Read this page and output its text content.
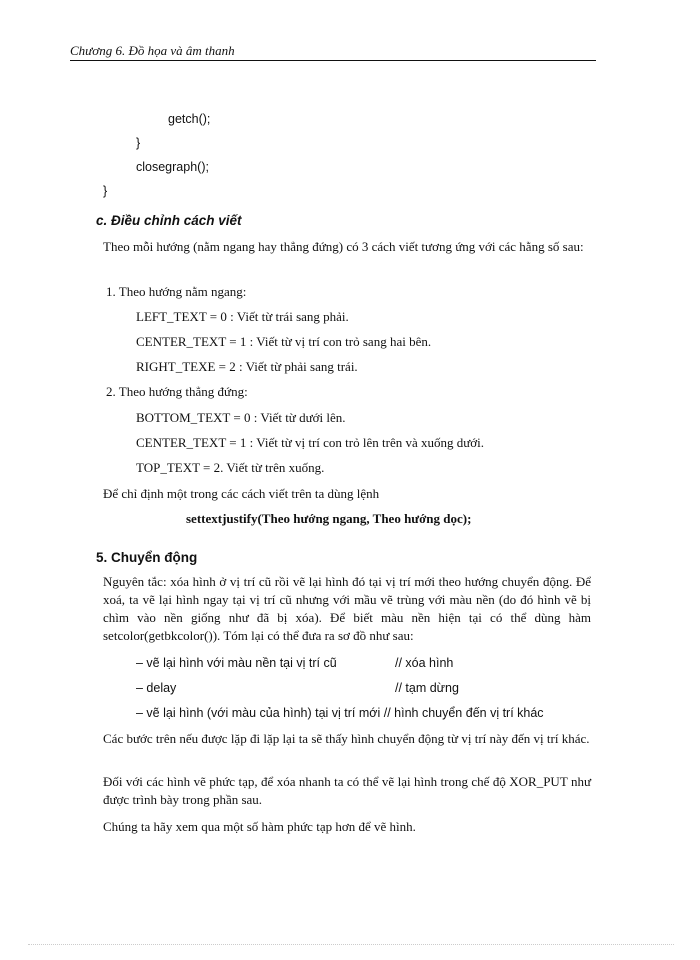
Chương 6. Đồ họa và âm thanh
getch();
}
closegraph();
}
c. Điều chỉnh cách viết
Theo mỗi hướng (nằm ngang hay thẳng đứng) có 3 cách viết tương ứng với các hằng số sau:
1. Theo hướng nằm ngang:
LEFT_TEXT = 0 : Viết từ trái sang phải.
CENTER_TEXT = 1 : Viết từ vị trí con trỏ sang hai bên.
RIGHT_TEXE = 2 : Viết từ phải sang trái.
2. Theo hướng thẳng đứng:
BOTTOM_TEXT = 0 : Viết từ dưới lên.
CENTER_TEXT = 1 : Viết từ vị trí con trỏ lên trên và xuống dưới.
TOP_TEXT = 2. Viết từ trên xuống.
Để chỉ định một trong các cách viết trên ta dùng lệnh
settextjustify(Theo hướng ngang, Theo hướng dọc);
5. Chuyển động
Nguyên tắc: xóa hình ở vị trí cũ rồi vẽ lại hình đó tại vị trí mới theo hướng chuyển động. Để xoá, ta vẽ lại hình ngay tại vị trí cũ nhưng với mầu vẽ trùng với màu nền (do đó hình vẽ bị chìm vào nền giống như đã bị xóa). Để biết màu nền hiện tại có thể dùng hàm setcolor(getbkcolor()). Tóm lại có thể đưa ra sơ đồ như sau:
– vẽ lại hình với màu nền tại vị trí cũ	// xóa hình
– delay	// tạm dừng
– vẽ lại hình (với màu của hình) tại vị trí mới // hình chuyển đến vị trí khác
Các bước trên nếu được lặp đi lặp lại ta sẽ thấy hình chuyển động từ vị trí này đến vị trí khác.
Đối với các hình vẽ phức tạp, để xóa nhanh ta có thể vẽ lại hình trong chế độ XOR_PUT như được trình bày trong phần sau.
Chúng ta hãy xem qua một số hàm phức tạp hơn để vẽ hình.
